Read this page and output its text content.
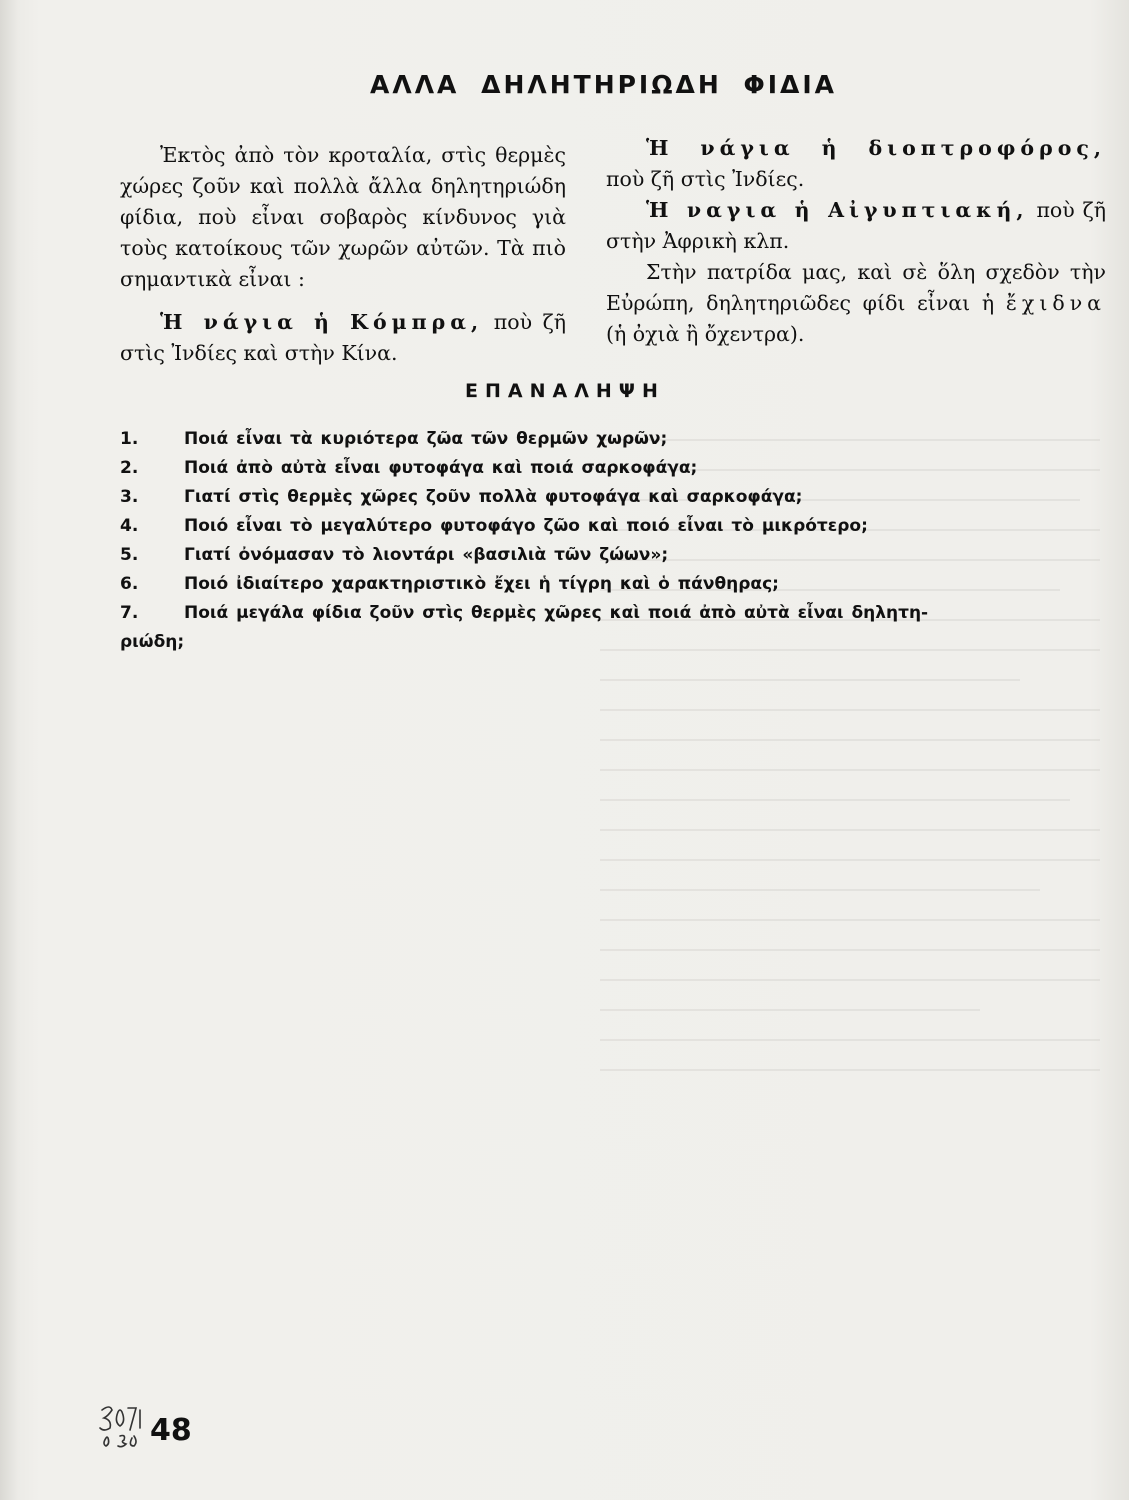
ΑΛΛΑ ΔΗΛΗΤΗΡΙΩΔΗ ΦΙΔΙΑ

Ἐκτὸς ἀπὸ τὸν κροταλία, στὶς θερμὲς χώρες ζοῦν καὶ πολλὰ ἄλλα δηλητηριώδη φίδια, ποὺ εἶναι σοβαρὸς κίνδυνος γιὰ τοὺς κατοίκους τῶν χωρῶν αὐτῶν. Τὰ πιὸ σημαντικὰ εἶναι :

Ἡ νάγια ἡ Κόμπρα, ποὺ ζῆ στὶς Ἰνδίες καὶ στὴν Κίνα.

Ἡ νάγια ἡ διοπτροφόρος, ποὺ ζῆ στὶς Ἰνδίες.

Ἡ ναγια ἡ Αἰγυπτιακή, ποὺ ζῆ στὴν Ἀφρικὴ κλπ.

Στὴν πατρίδα μας, καὶ σὲ ὅλη σχεδὸν τὴν Εὐρώπη, δηλητηριῶδες φίδι εἶναι ἡ ἔχιδνα (ἡ ὀχιὰ ἢ ὄχεντρα).

ΕΠΑΝΑΛΗΨΗ
1.	Ποιά εἶναι τὰ κυριότερα ζῶα τῶν θερμῶν χωρῶν;
2.	Ποιά ἀπὸ αὐτὰ εἶναι φυτοφάγα καὶ ποιά σαρκοφάγα;
3.	Γιατί στὶς θερμὲς χῶρες ζοῦν πολλὰ φυτοφάγα καὶ σαρκοφάγα;
4.	Ποιό εἶναι τὸ μεγαλύτερο φυτοφάγο ζῶο καὶ ποιό εἶναι τὸ μικρότερο;
5.	Γιατί ὀνόμασαν τὸ λιοντάρι «βασιλιὰ τῶν ζώων»;
6.	Ποιό ἰδιαίτερο χαρακτηριστικὸ ἔχει ἡ τίγρη καὶ ὁ πάνθηρας;
7.	Ποιά μεγάλα φίδια ζοῦν στὶς θερμὲς χῶρες καὶ ποιά ἀπὸ αὐτὰ εἶναι δηλητη-
ριώδη;
48
